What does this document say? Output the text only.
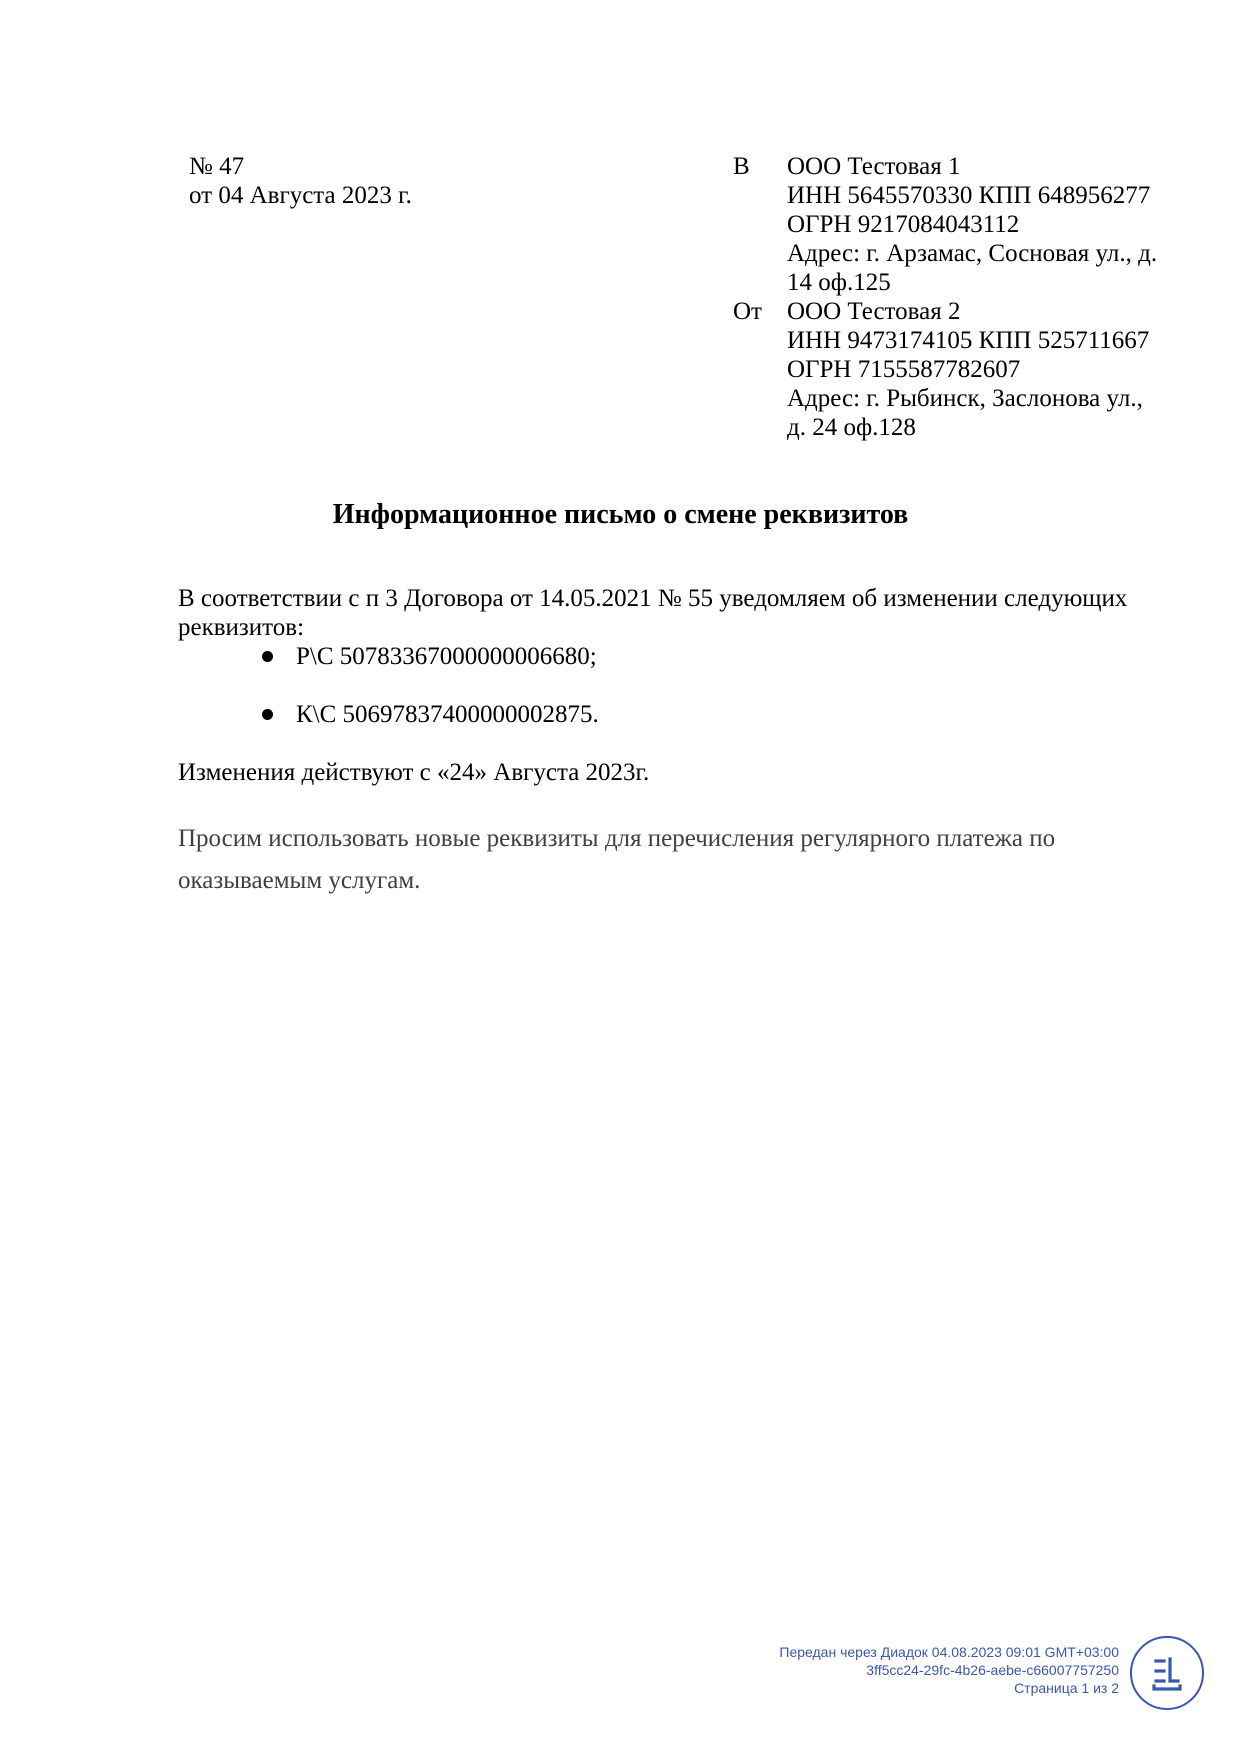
№ 47
от 04 Августа 2023 г.
В ООО Тестовая 1
ИНН 5645570330 КПП 648956277
ОГРН 9217084043112
Адрес: г. Арзамас, Сосновая ул., д.
14 оф.125
От ООО Тестовая 2
ИНН 9473174105 КПП 525711667
ОГРН 7155587782607
Адрес: г. Рыбинск, Заслонова ул.,
д. 24 оф.128
Информационное письмо о смене реквизитов
В соответствии с п 3 Договора от 14.05.2021 № 55 уведомляем об изменении следующих
реквизитов:
Р\С 50783367000000006680;
К\С 50697837400000002875.
Изменения действуют с «24» Августа 2023г.
Просим использовать новые реквизиты для перечисления регулярного платежа по
оказываемым услугам.
Передан через Диадок 04.08.2023 09:01 GMT+03:00
3ff5cc24-29fc-4b26-aebe-c66007757250
Страница 1 из 2
